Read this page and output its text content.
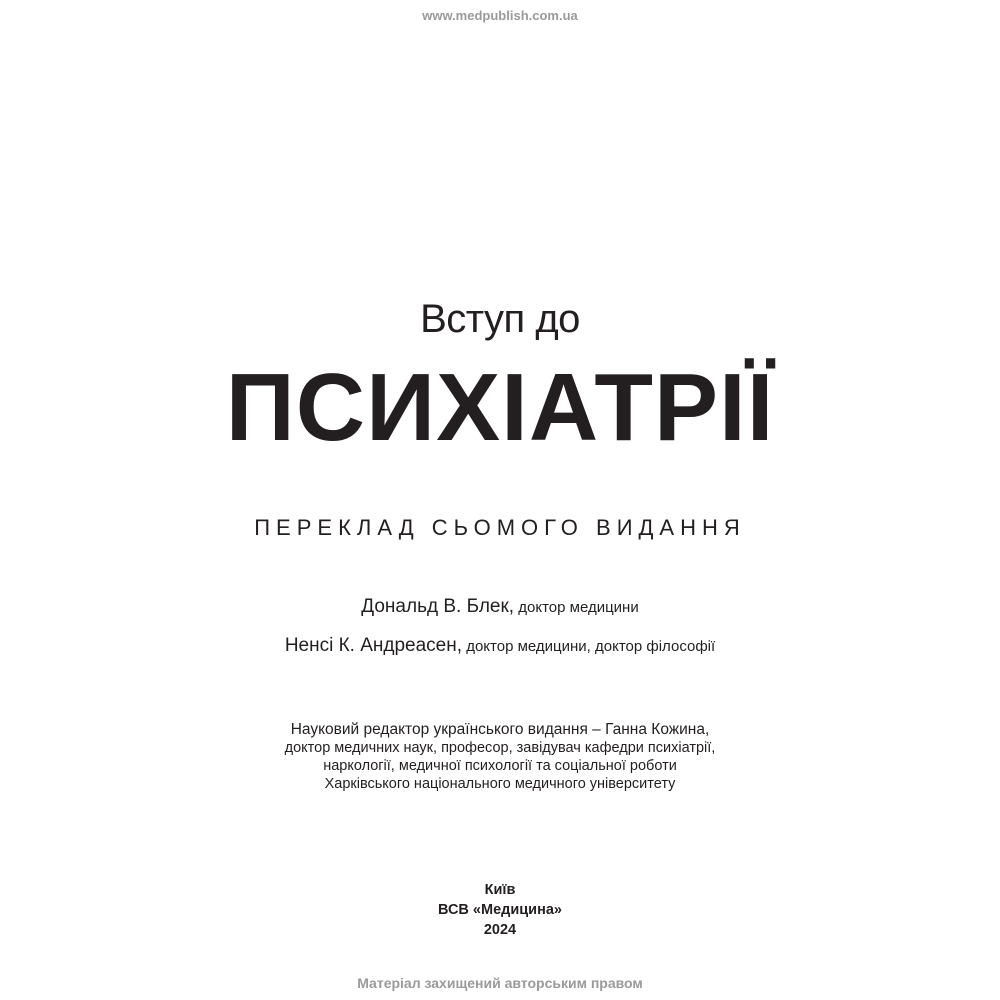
www.medpublish.com.ua
Вступ до
ПСИХІАТРІЇ
ПЕРЕКЛАД СЬОМОГО ВИДАННЯ
Дональд В. Блек, доктор медицини
Ненсі К. Андреасен, доктор медицини, доктор філософії
Науковий редактор українського видання – Ганна Кожина,
доктор медичних наук, професор, завідувач кафедри психіатрії,
наркології, медичної психології та соціальної роботи
Харківського національного медичного університету
Київ
ВСВ «Медицина»
2024
Матеріал захищений авторським правом
